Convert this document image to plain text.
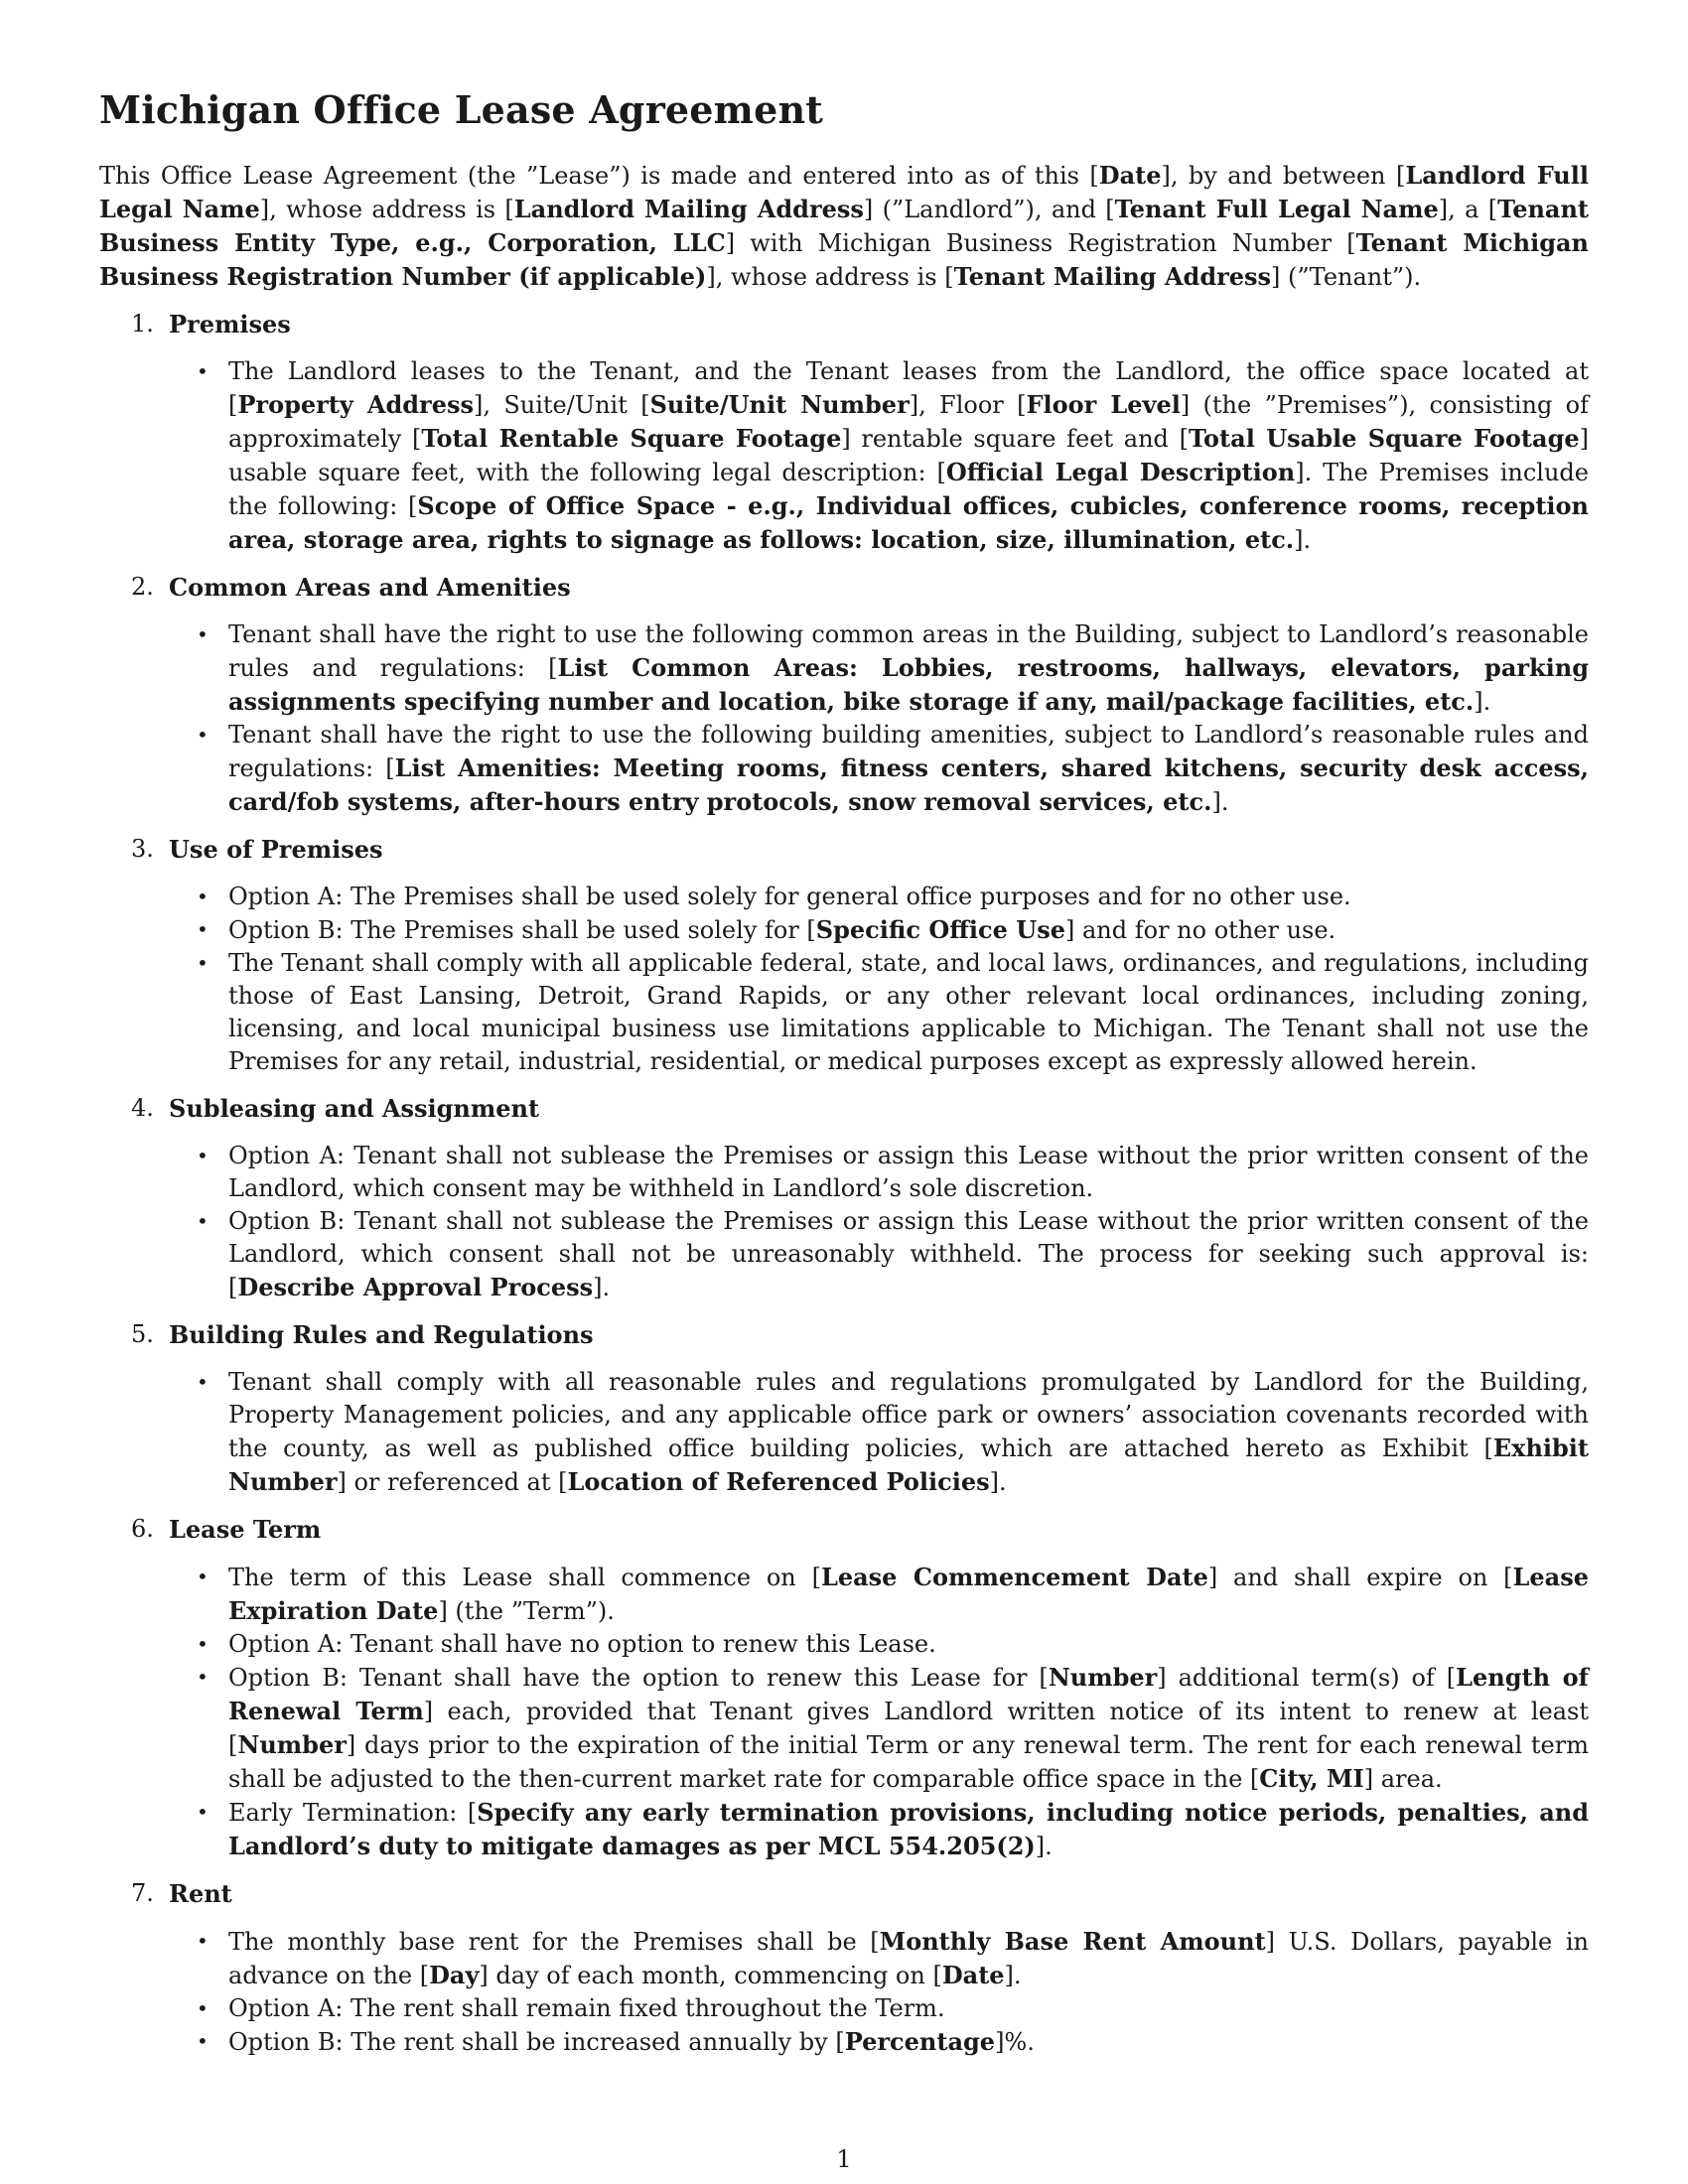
Michigan Office Lease Agreement

This Office Lease Agreement (the ”Lease”) is made and entered into as of this [Date], by and between [Landlord Full Legal Name], whose address is [Landlord Mailing Address] (”Landlord”), and [Tenant Full Legal Name], a [Tenant Business Entity Type, e.g., Corporation, LLC] with Michigan Business Registration Number [Tenant Michigan Business Registration Number (if applicable)], whose address is [Tenant Mailing Address] (”Tenant”).

1. Premises

• The Landlord leases to the Tenant, and the Tenant leases from the Landlord, the office space located at [Property Address], Suite/Unit [Suite/Unit Number], Floor [Floor Level] (the ”Premises”), consisting of approximately [Total Rentable Square Footage] rentable square feet and [Total Usable Square Footage] usable square feet, with the following legal description: [Official Legal Description]. The Premises include the following: [Scope of Office Space - e.g., Individual offices, cubicles, conference rooms, reception area, storage area, rights to signage as follows: location, size, illumination, etc.].

2. Common Areas and Amenities

• Tenant shall have the right to use the following common areas in the Building, subject to Landlord’s reasonable rules and regulations: [List Common Areas: Lobbies, restrooms, hallways, elevators, parking assignments specifying number and location, bike storage if any, mail/package facilities, etc.].
• Tenant shall have the right to use the following building amenities, subject to Landlord’s reasonable rules and regulations: [List Amenities: Meeting rooms, fitness centers, shared kitchens, security desk access, card/fob systems, after-hours entry protocols, snow removal services, etc.].

3. Use of Premises

• Option A: The Premises shall be used solely for general office purposes and for no other use.
• Option B: The Premises shall be used solely for [Specific Office Use] and for no other use.
• The Tenant shall comply with all applicable federal, state, and local laws, ordinances, and regulations, including those of East Lansing, Detroit, Grand Rapids, or any other relevant local ordinances, including zoning, licensing, and local municipal business use limitations applicable to Michigan. The Tenant shall not use the Premises for any retail, industrial, residential, or medical purposes except as expressly allowed herein.

4. Subleasing and Assignment

• Option A: Tenant shall not sublease the Premises or assign this Lease without the prior written consent of the Landlord, which consent may be withheld in Landlord’s sole discretion.
• Option B: Tenant shall not sublease the Premises or assign this Lease without the prior written consent of the Landlord, which consent shall not be unreasonably withheld. The process for seeking such approval is: [Describe Approval Process].

5. Building Rules and Regulations

• Tenant shall comply with all reasonable rules and regulations promulgated by Landlord for the Building, Property Management policies, and any applicable office park or owners’ association covenants recorded with the county, as well as published office building policies, which are attached hereto as Exhibit [Exhibit Number] or referenced at [Location of Referenced Policies].

6. Lease Term

• The term of this Lease shall commence on [Lease Commencement Date] and shall expire on [Lease Expiration Date] (the ”Term”).
• Option A: Tenant shall have no option to renew this Lease.
• Option B: Tenant shall have the option to renew this Lease for [Number] additional term(s) of [Length of Renewal Term] each, provided that Tenant gives Landlord written notice of its intent to renew at least [Number] days prior to the expiration of the initial Term or any renewal term. The rent for each renewal term shall be adjusted to the then-current market rate for comparable office space in the [City, MI] area.
• Early Termination: [Specify any early termination provisions, including notice periods, penalties, and Landlord’s duty to mitigate damages as per MCL 554.205(2)].

7. Rent

• The monthly base rent for the Premises shall be [Monthly Base Rent Amount] U.S. Dollars, payable in advance on the [Day] day of each month, commencing on [Date].
• Option A: The rent shall remain fixed throughout the Term.
• Option B: The rent shall be increased annually by [Percentage]%.
1
